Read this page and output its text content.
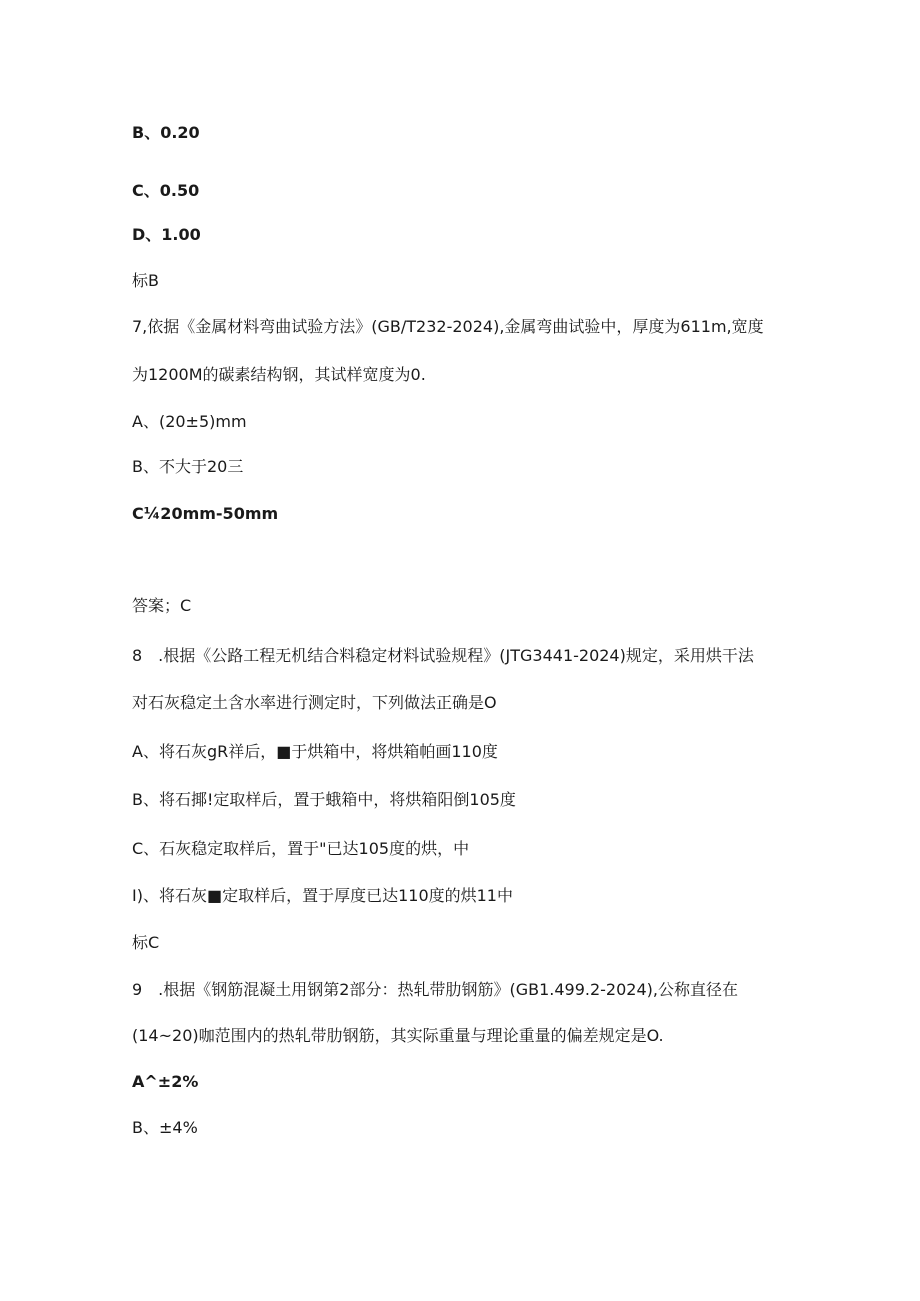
B、0.20

C、0.50

D、1.00

标B

7,依据《金属材料弯曲试验方法》(GB/T232-2024),金属弯曲试验中，厚度为611m,宽度

为1200M的碳素结构钢，其试样宽度为0.

A、(20±5)mm

B、不大于20三

C¼20mm-50mm

答案；C

8　.根据《公路工程无机结合料稳定材料试验规程》(JTG3441-2024)规定，采用烘干法

对石灰稳定土含水率进行测定时，下列做法正确是O

A、将石灰gR祥后，■于烘箱中，将烘箱帕画110度

B、将石揶!定取样后，置于蛾箱中，将烘箱阳倒105度

C、石灰稳定取样后，置于"已达105度的烘，中

I)、将石灰■定取样后，置于厚度已达110度的烘11中

标C

9　.根据《钢筋混凝土用钢第2部分：热轧带肋钢筋》(GB1.499.2-2024),公称直径在

(14~20)咖范围内的热轧带肋钢筋，其实际重量与理论重量的偏差规定是O.

A^±2%

B、±4%
